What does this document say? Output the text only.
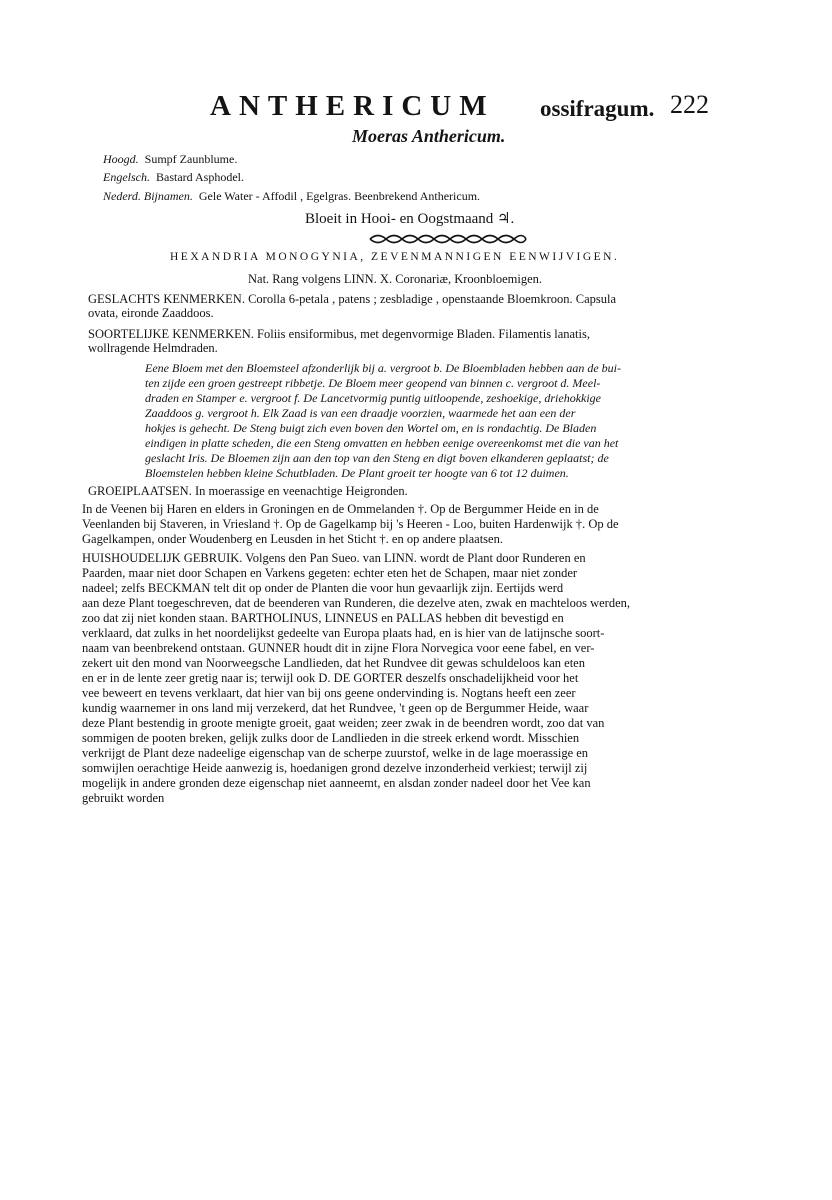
ANTHERICUM ossifragum. 222
Moeras Anthericum.
Hoogd. Sumpf Zaunblume.
Engelsch. Bastard Asphodel.
Nederd. Bijnamen. Gele Water - Affodil , Egelgras. Beenbrekend Anthericum.
Bloeit in Hooi- en Oogstmaand ♃.
HEXANDRIA MONOGYNIA, ZEVENMANNIGEN EENWIJVIGEN.
Nat. Rang volgens LINN. X. Coronariæ, Kroonbloemigen.
GESLACHTS KENMERKEN. Corolla 6-petala , patens ; zesbladige , openstaande Bloemkroon. Capsula
ovata, eironde Zaaddoos.
SOORTELIJKE KENMERKEN. Foliis ensiformibus, met degenvormige Bladen. Filamentis lanatis,
wollragende Helmdraden.
Eene Bloem met den Bloemsteel afzonderlijk bij a. vergroot b. De Bloembladen hebben aan de bui-
ten zijde een groen gestreept ribbetje. De Bloem meer geopend van binnen c. vergroot d. Meel-
draden en Stamper e. vergroot f. De Lancetvormig puntig uitloopende, zeshoekige, driehokkige
Zaaddoos g. vergroot h. Elk Zaad is van een draadje voorzien, waarmede het aan een der
hokjes is gehecht. De Steng buigt zich even boven den Wortel om, en is rondachtig. De Bladen
eindigen in platte scheden, die een Steng omvatten en hebben eenige overeenkomst met die van het
geslacht Iris. De Bloemen zijn aan den top van den Steng en digt boven elkanderen geplaatst; de
Bloemstelen hebben kleine Schutbladen. De Plant groeit ter hoogte van 6 tot 12 duimen.
GROEIPLAATSEN. In moerassige en veenachtige Heigronden.
In de Veenen bij Haren en elders in Groningen en de Ommelanden †. Op de Bergummer Heide en in de
Veenlanden bij Staveren, in Vriesland †. Op de Gagelkamp bij 's Heeren - Loo, buiten Hardenwijk †. Op de
Gagelkampen, onder Woudenberg en Leusden in het Sticht †. en op andere plaatsen.
HUISHOUDELIJK GEBRUIK. Volgens den Pan Sueo. van LINN. wordt de Plant door Runderen en
Paarden, maar niet door Schapen en Varkens gegeten: echter eten het de Schapen, maar niet zonder
nadeel; zelfs BECKMAN telt dit op onder de Planten die voor hun gevaarlijk zijn. Eertijds werd
aan deze Plant toegeschreven, dat de beenderen van Runderen, die dezelve aten, zwak en machteloos werden,
zoo dat zij niet konden staan. BARTHOLINUS, LINNEUS en PALLAS hebben dit bevestigd en
verklaard, dat zulks in het noordelijkst gedeelte van Europa plaats had, en is hier van de latijnsche soort-
naam van beenbrekend ontstaan. GUNNER houdt dit in zijne Flora Norvegica voor eene fabel, en ver-
zekert uit den mond van Noorweegsche Landlieden, dat het Rundvee dit gewas schuldeloos kan eten
en er in de lente zeer gretig naar is; terwijl ook D. DE GORTER deszelfs onschadelijkheid voor het
vee beweert en tevens verklaart, dat hier van bij ons geene ondervinding is. Nogtans heeft een zeer
kundig waarnemer in ons land mij verzekerd, dat het Rundvee, 't geen op de Bergummer Heide, waar
deze Plant bestendig in groote menigte groeit, gaat weiden; zeer zwak in de beendren wordt, zoo dat van
sommigen de pooten breken, gelijk zulks door de Landlieden in die streek erkend wordt. Misschien
verkrijgt de Plant deze nadeelige eigenschap van de scherpe zuurstof, welke in de lage moerassige en
somwijlen oerachtige Heide aanwezig is, hoedanigen grond dezelve inzonderheid verkiest; terwijl zij
mogelijk in andere gronden deze eigenschap niet aanneemt, en alsdan zonder nadeel door het Vee kan
gebruikt worden
